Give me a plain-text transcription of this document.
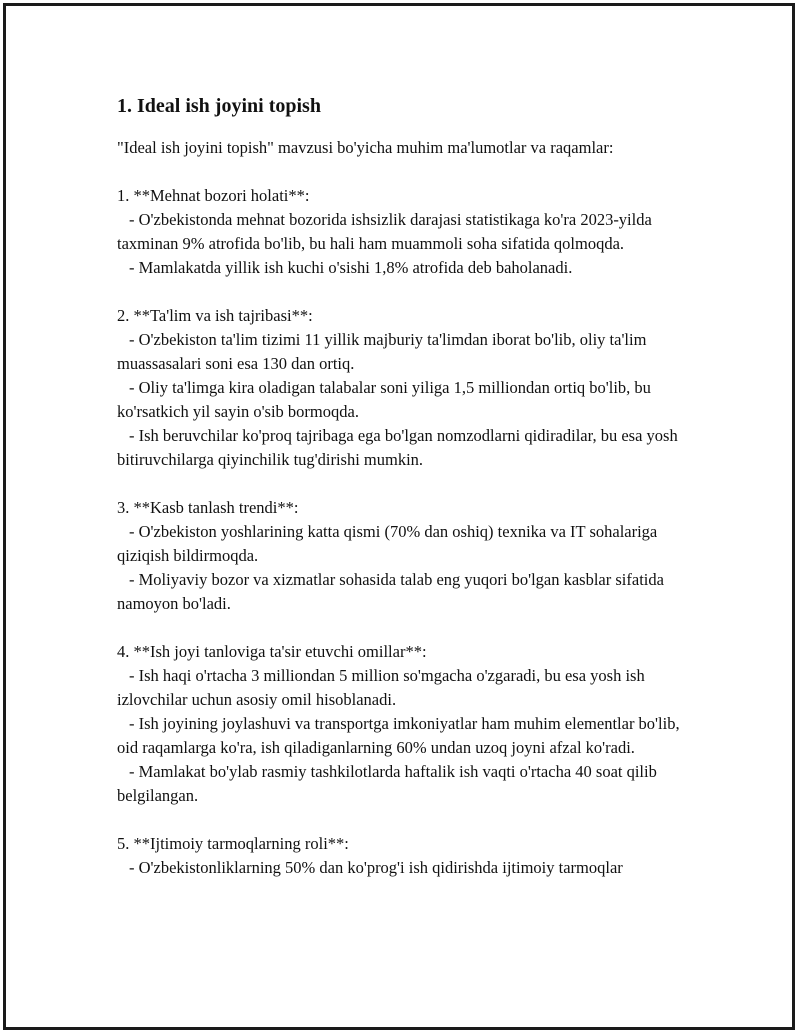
1. Ideal ish joyini topish
"Ideal ish joyini topish" mavzusi bo'yicha muhim ma'lumotlar va raqamlar:
1. **Mehnat bozori holati**:
- O'zbekistonda mehnat bozorida ishsizlik darajasi statistikaga ko'ra 2023-yilda taxminan 9% atrofida bo'lib, bu hali ham muammoli soha sifatida qolmoqda.
- Mamlakatda yillik ish kuchi o'sishi 1,8% atrofida deb baholanadi.
2. **Ta'lim va ish tajribasi**:
- O'zbekiston ta'lim tizimi 11 yillik majburiy ta'limdan iborat bo'lib, oliy ta'lim muassasalari soni esa 130 dan ortiq.
- Oliy ta'limga kira oladigan talabalar soni yiliga 1,5 milliondan ortiq bo'lib, bu ko'rsatkich yil sayin o'sib bormoqda.
- Ish beruvchilar ko'proq tajribaga ega bo'lgan nomzodlarni qidiradilar, bu esa yosh bitiruvchilarga qiyinchilik tug'dirishi mumkin.
3. **Kasb tanlash trendi**:
- O'zbekiston yoshlarining katta qismi (70% dan oshiq) texnika va IT sohalariga qiziqish bildirmoqda.
- Moliyaviy bozor va xizmatlar sohasida talab eng yuqori bo'lgan kasblar sifatida namoyon bo'ladi.
4. **Ish joyi tanloviga ta'sir etuvchi omillar**:
- Ish haqi o'rtacha 3 milliondan 5 million so'mgacha o'zgaradi, bu esa yosh ish izlovchilar uchun asosiy omil hisoblanadi.
- Ish joyining joylashuvi va transportga imkoniyatlar ham muhim elementlar bo'lib, oid raqamlarga ko'ra, ish qiladiganlarning 60% undan uzoq joyni afzal ko'radi.
- Mamlakat bo'ylab rasmiy tashkilotlarda haftalik ish vaqti o'rtacha 40 soat qilib belgilangan.
5. **Ijtimoiy tarmoqlarning roli**:
- O'zbekistonliklarning 50% dan ko'prog'i ish qidirishda ijtimoiy tarmoqlar
